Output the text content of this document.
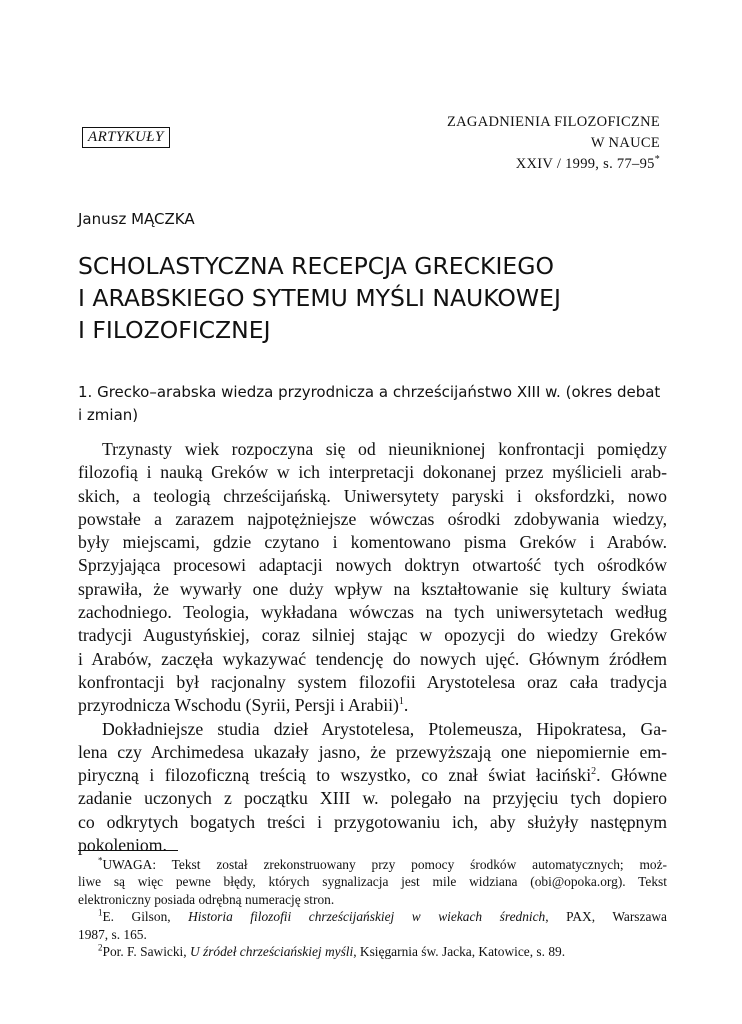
ZAGADNIENIA FILOZOFICZNE
W NAUCE
XXIV / 1999, s. 77–95*
ARTYKUŁY
Janusz MĄCZKA
SCHOLASTYCZNA RECEPCJA GRECKIEGO
I ARABSKIEGO SYTEMU MYŚLI NAUKOWEJ
I FILOZOFICZNEJ
1. Grecko–arabska wiedza przyrodnicza a chrześcijaństwo XIII w. (okres debat i zmian)
Trzynasty wiek rozpoczyna się od nieuniknionej konfrontacji pomiędzy
filozofią i nauką Greków w ich interpretacji dokonanej przez myślicieli arab-
skich, a teologią chrześcijańską. Uniwersytety paryski i oksfordzki, nowo
powstałe a zarazem najpotężniejsze wówczas ośrodki zdobywania wiedzy,
były miejscami, gdzie czytano i komentowano pisma Greków i Arabów.
Sprzyjająca procesowi adaptacji nowych doktryn otwartość tych ośrodków
sprawiła, że wywarły one duży wpływ na kształtowanie się kultury świata
zachodniego. Teologia, wykładana wówczas na tych uniwersytetach według
tradycji Augustyńskiej, coraz silniej stając w opozycji do wiedzy Greków
i Arabów, zaczęła wykazywać tendencję do nowych ujęć. Głównym źródłem
konfrontacji był racjonalny system filozofii Arystotelesa oraz cała tradycja
przyrodnicza Wschodu (Syrii, Persji i Arabii)$^1$.
Dokładniejsze studia dzieł Arystotelesa, Ptolemeusza, Hipokratesa, Ga-
lena czy Archimedesa ukazały jasno, że przewyższają one niepomiernie em-
piryczną i filozoficzną treścią to wszystko, co znał świat łaciński$^2$. Główne
zadanie uczonych z początku XIII w. polegało na przyjęciu tych dopiero
co odkrytych bogatych treści i przygotowaniu ich, aby służyły następnym
pokoleniom.
*UWAGA: Tekst został zrekonstruowany przy pomocy środków automatycznych; moż-
liwe są więc pewne błędy, których sygnalizacja jest mile widziana (obi@opoka.org). Tekst
elektroniczny posiada odrębną numerację stron.
$^1$E. Gilson, Historia filozofii chrześcijańskiej w wiekach średnich, PAX, Warszawa
1987, s. 165.
$^2$Por. F. Sawicki, U źródeł chrześciańskiej myśli, Księgarnia św. Jacka, Katowice, s. 89.
